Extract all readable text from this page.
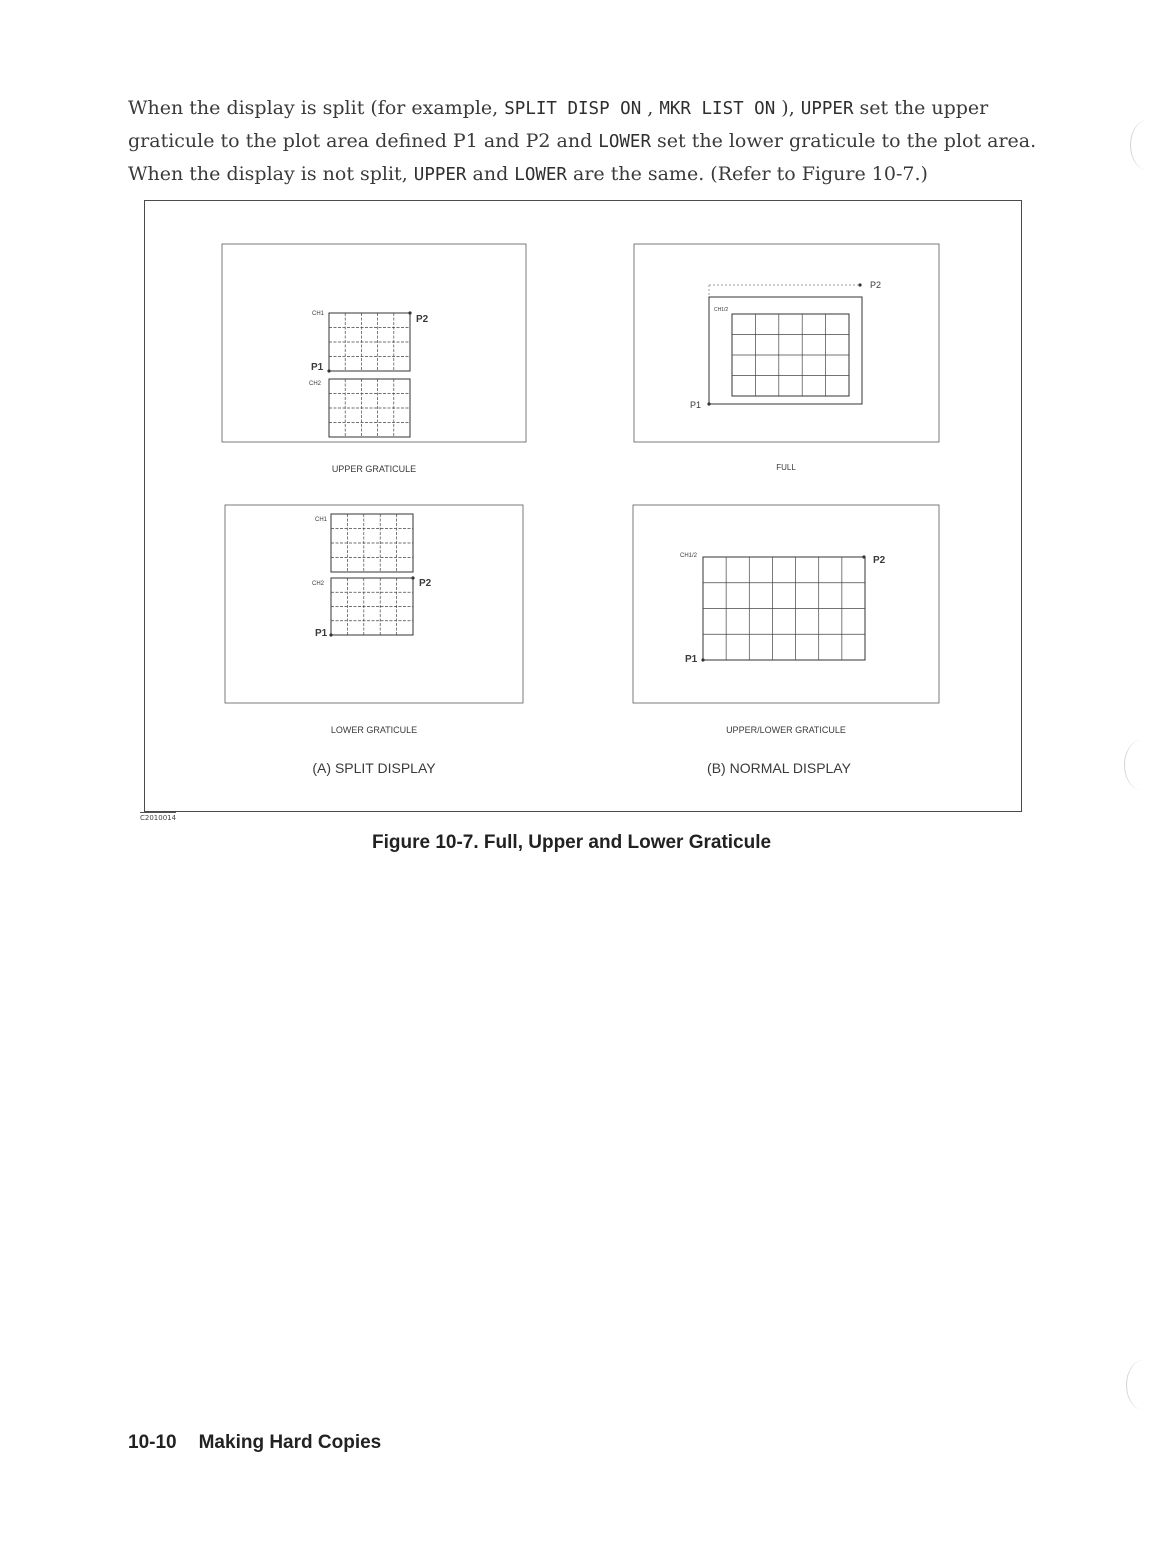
When the display is split (for example, SPLIT DISP ON , MKR LIST ON ), UPPER set the upper graticule to the plot area defined P1 and P2 and LOWER set the lower graticule to the plot area. When the display is not split, UPPER and LOWER are the same. (Refer to Figure 10-7.)

CH1
CH2
P2
P1
UPPER GRATICULE
CH1/2
P2
P1
FULL
CH1
CH2	P2
P1
LOWER GRATICULE
CH1/2	P2
P1
UPPER/LOWER GRATICULE
(A) SPLIT DISPLAY	(B) NORMAL DISPLAY
C2010014

Figure 10-7. Full, Upper and Lower Graticule

10-10 Making Hard Copies
